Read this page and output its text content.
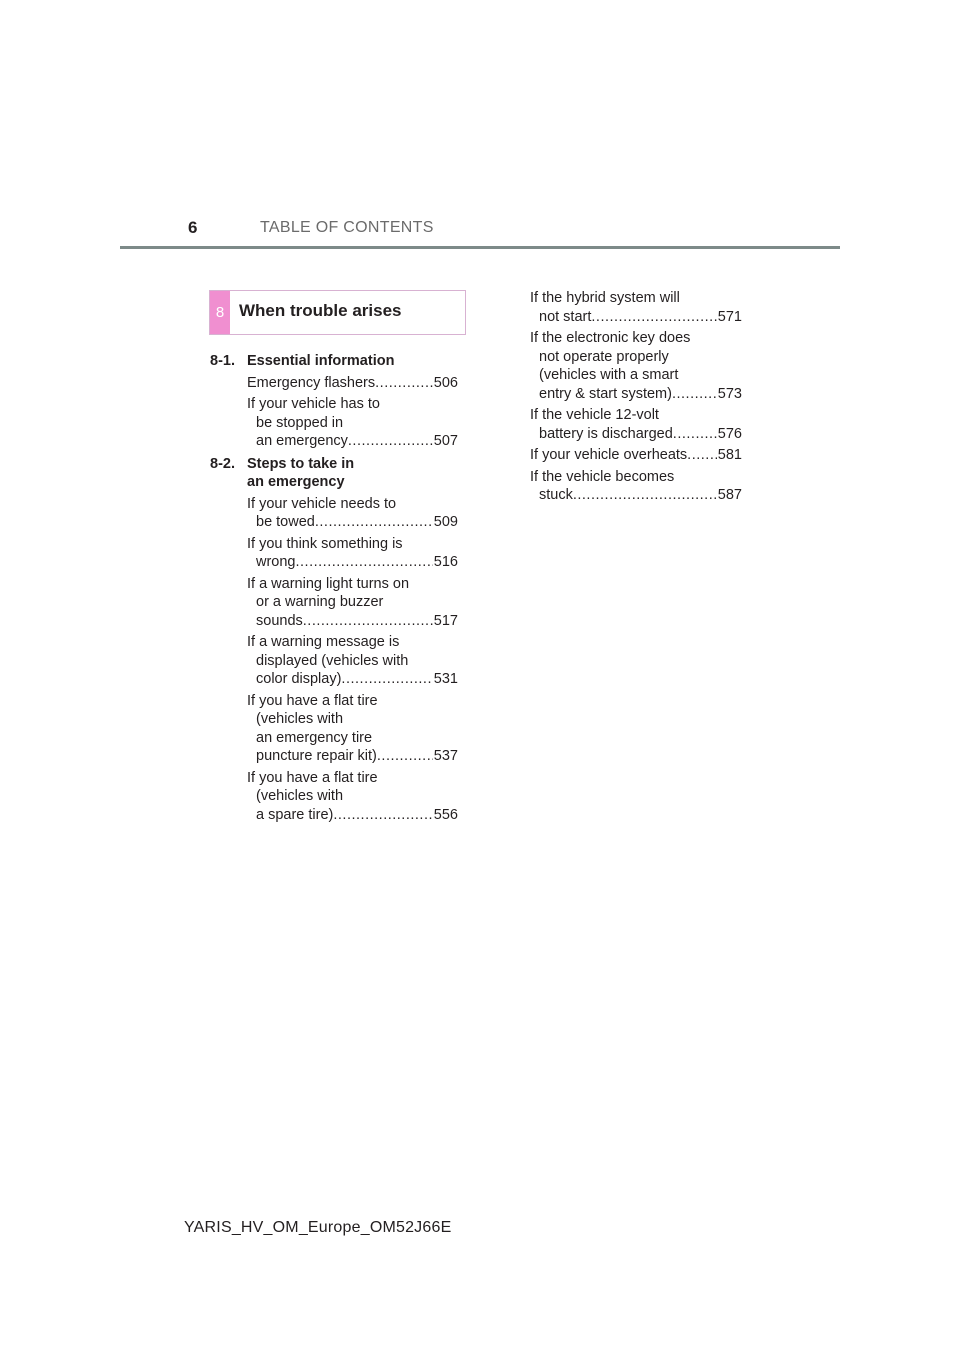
6	TABLE OF CONTENTS
8 When trouble arises
8-1. Essential information
Emergency flashers .....	506
If your vehicle has to
be stopped in
an emergency .....	507
8-2. Steps to take in
an emergency
If your vehicle needs to
be towed .....	509
If you think something is
wrong .....	516
If a warning light turns on
or a warning buzzer
sounds .....	517
If a warning message is
displayed (vehicles with
color display) .....	531
If you have a flat tire
(vehicles with
an emergency tire
puncture repair kit) .....	537
If you have a flat tire
(vehicles with
a spare tire) .....	556
If the hybrid system will
not start .....	571
If the electronic key does
not operate properly
(vehicles with a smart
entry & start system) .....	573
If the vehicle 12-volt
battery is discharged .....	576
If your vehicle overheats ..... 581
If the vehicle becomes
stuck .....	587
YARIS_HV_OM_Europe_OM52J66E
